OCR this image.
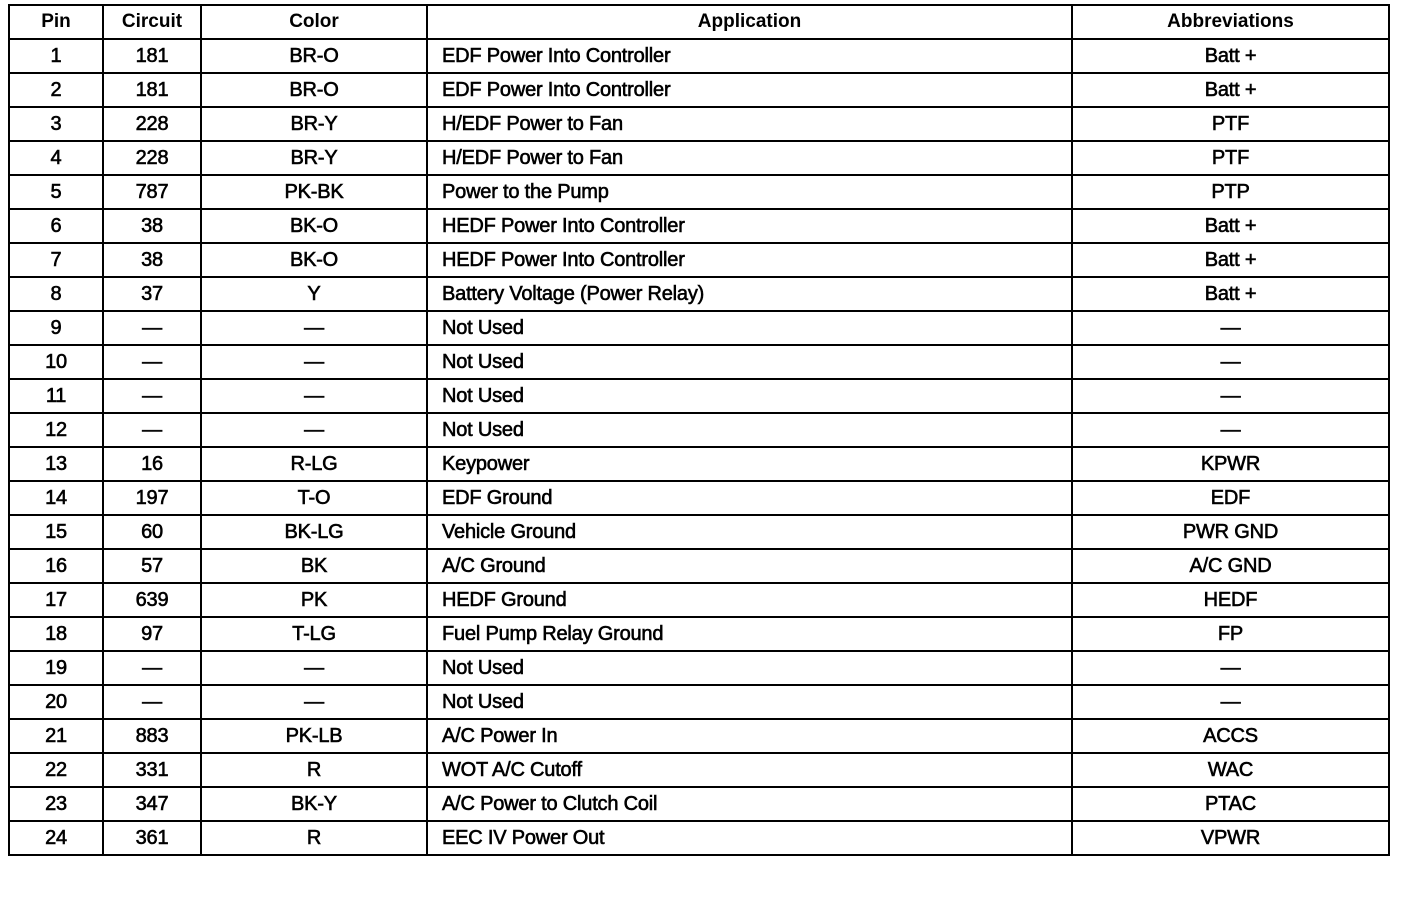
Pin	Circuit	Color	Application	Abbreviations
1	181	BR-O	EDF Power Into Controller	Batt +
2	181	BR-O	EDF Power Into Controller	Batt +
3	228	BR-Y	H/EDF Power to Fan	PTF
4	228	BR-Y	H/EDF Power to Fan	PTF
5	787	PK-BK	Power to the Pump	PTP
6	38	BK-O	HEDF Power Into Controller	Batt +
7	38	BK-O	HEDF Power Into Controller	Batt +
8	37	Y	Battery Voltage (Power Relay)	Batt +
9	—	—	Not Used	—
10	—	—	Not Used	—
11	—	—	Not Used	—
12	—	—	Not Used	—
13	16	R-LG	Keypower	KPWR
14	197	T-O	EDF Ground	EDF
15	60	BK-LG	Vehicle Ground	PWR GND
16	57	BK	A/C Ground	A/C GND
17	639	PK	HEDF Ground	HEDF
18	97	T-LG	Fuel Pump Relay Ground	FP
19	—	—	Not Used	—
20	—	—	Not Used	—
21	883	PK-LB	A/C Power In	ACCS
22	331	R	WOT A/C Cutoff	WAC
23	347	BK-Y	A/C Power to Clutch Coil	PTAC
24	361	R	EEC IV Power Out	VPWR
